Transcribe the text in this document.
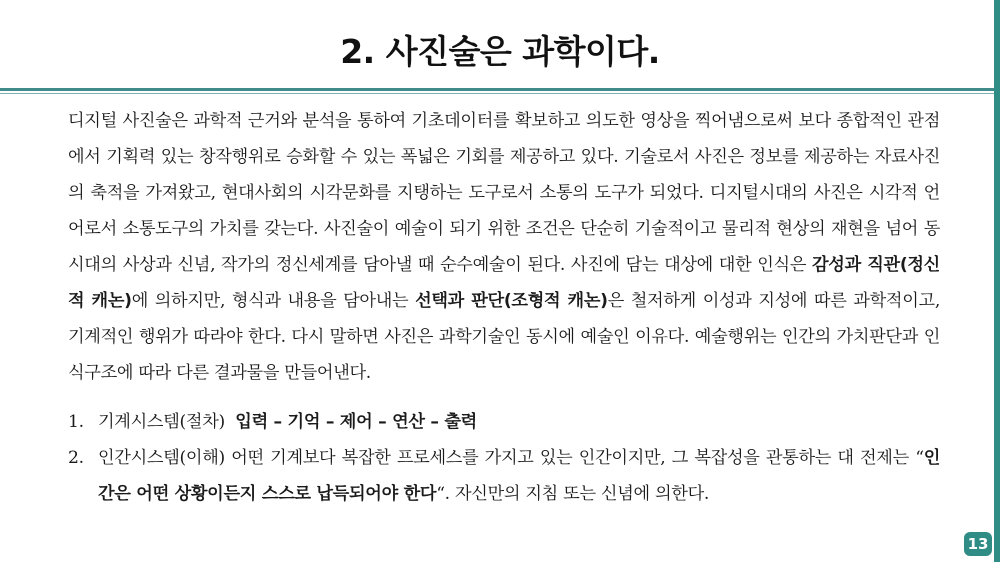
2. 사진술은 과학이다.
디지털 사진술은 과학적 근거와 분석을 통하여 기초데이터를 확보하고 의도한 영상을 찍어냄으로써 보다 종합적인 관점에서 기획력 있는 창작행위로 승화할 수 있는 폭넓은 기회를 제공하고 있다. 기술로서 사진은 정보를 제공하는 자료사진의 축적을 가져왔고, 현대사회의 시각문화를 지탱하는 도구로서 소통의 도구가 되었다. 디지털시대의 사진은 시각적 언어로서 소통도구의 가치를 갖는다. 사진술이 예술이 되기 위한 조건은 단순히 기술적이고 물리적 현상의 재현을 넘어 동 시대의 사상과 신념, 작가의 정신세계를 담아낼 때 순수예술이 된다. 사진에 담는 대상에 대한 인식은 감성과 직관(정신적 캐논)에 의하지만, 형식과 내용을 담아내는 선택과 판단(조형적 캐논)은 철저하게 이성과 지성에 따른 과학적이고, 기계적인 행위가 따라야 한다. 다시 말하면 사진은 과학기술인 동시에 예술인 이유다. 예술행위는 인간의 가치판단과 인식구조에 따라 다른 결과물을 만들어낸다.
1. 기계시스템(절차) 입력 – 기억 – 제어 – 연산 – 출력
2. 인간시스템(이해) 어떤 기계보다 복잡한 프로세스를 가지고 있는 인간이지만, 그 복잡성을 관통하는 대 전제는 “인간은 어떤 상황이든지 스스로 납득되어야 한다“. 자신만의 지침 또는 신념에 의한다.
13
